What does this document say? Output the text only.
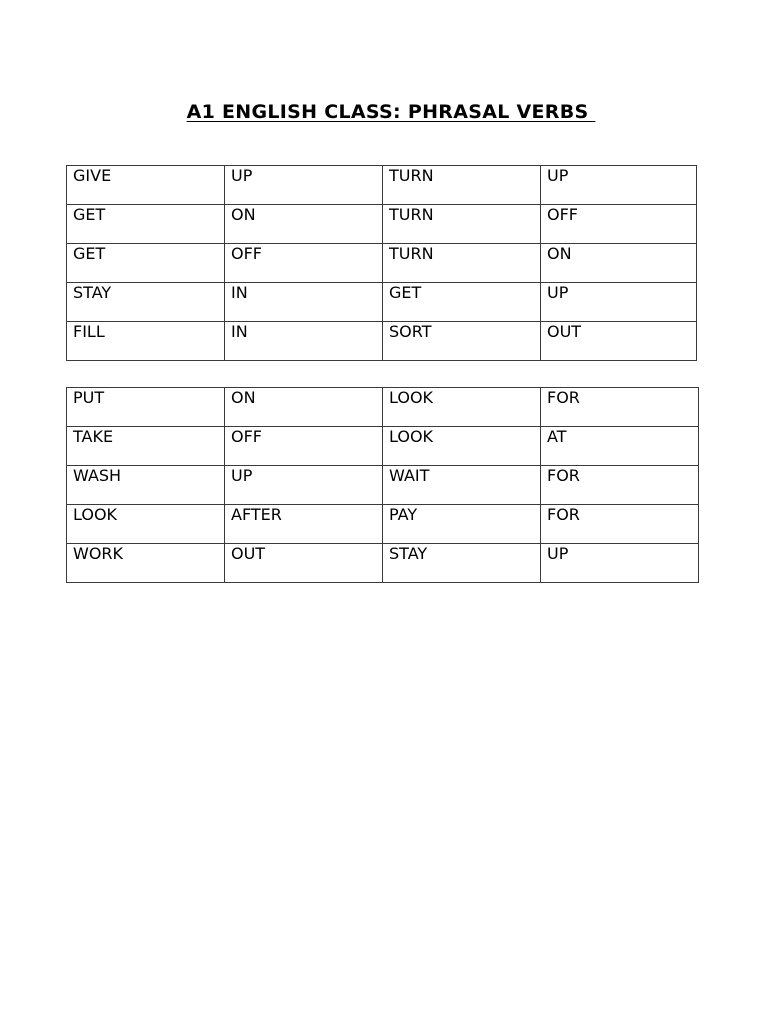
A1 ENGLISH CLASS: PHRASAL VERBS
GIVE	UP	TURN	UP

GET	ON	TURN	OFF

GET	OFF	TURN	ON

STAY	IN	GET	UP

FILL	IN	SORT	OUT
PUT	ON	LOOK	FOR

TAKE	OFF	LOOK	AT

WASH	UP	WAIT	FOR

LOOK	AFTER	PAY	FOR

WORK	OUT	STAY	UP
